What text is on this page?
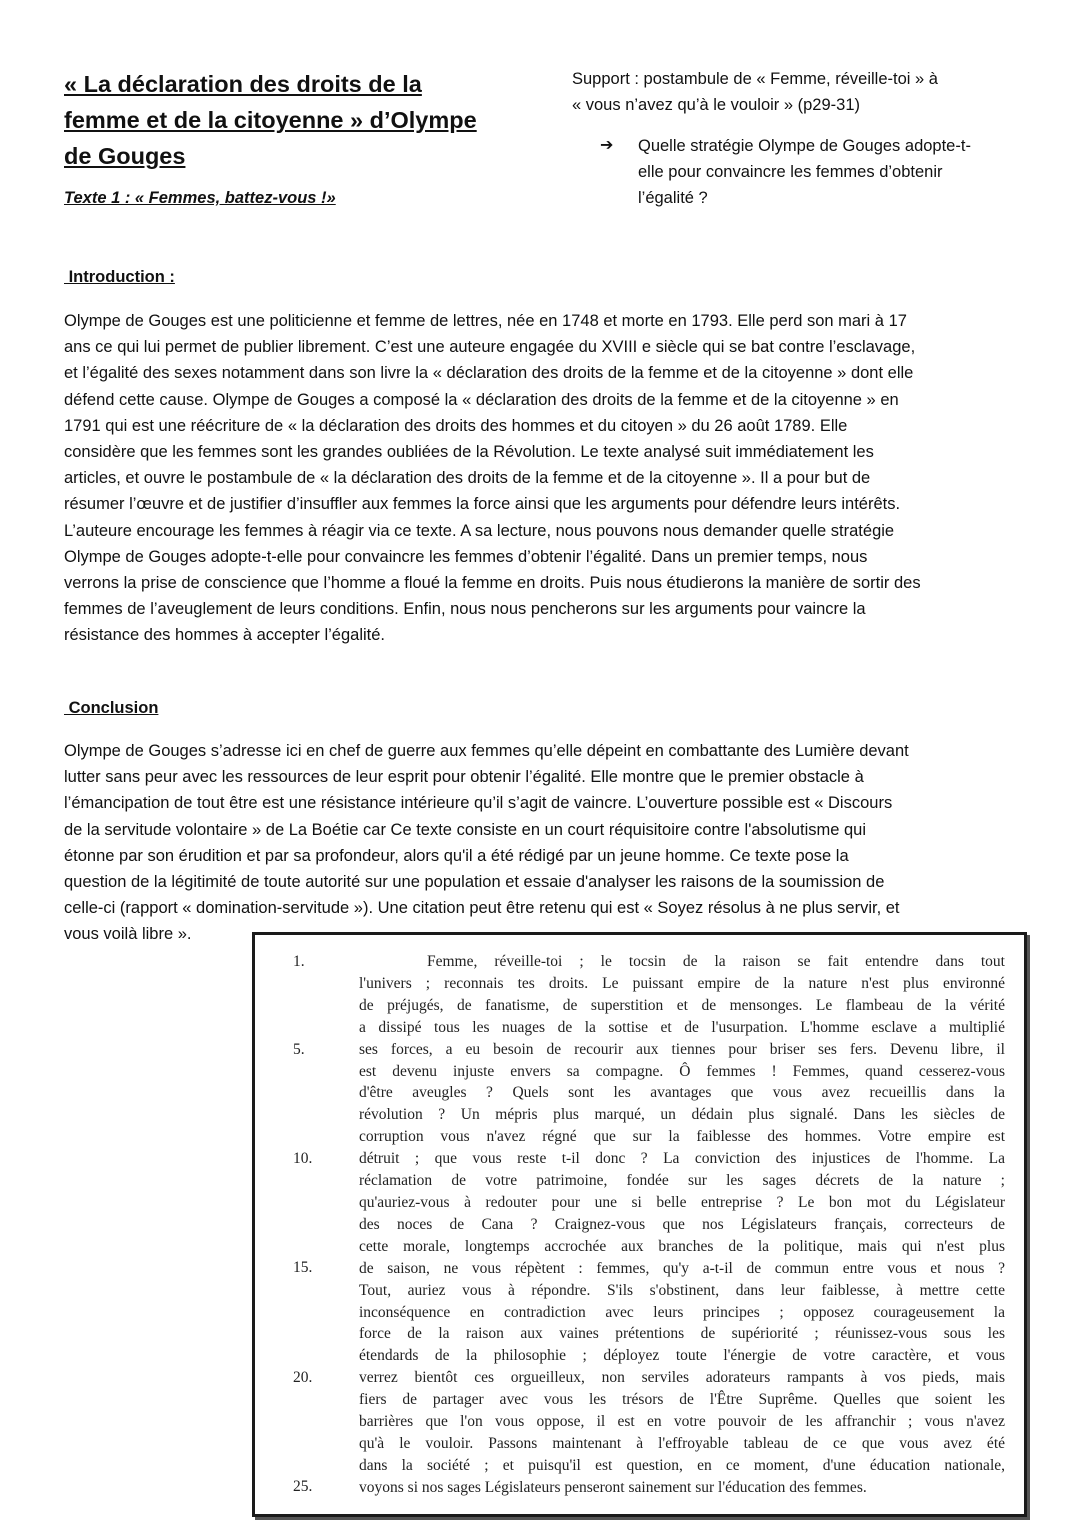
« La déclaration des droits de la
femme et de la citoyenne » d’Olympe
de Gouges
Texte 1 : « Femmes, battez-vous !»
Support : postambule de « Femme, réveille-toi » à
« vous n’avez qu’à le vouloir » (p29-31)
➔ Quelle stratégie Olympe de Gouges adopte-t-
elle pour convaincre les femmes d’obtenir
l’égalité ?
Introduction :
Olympe de Gouges est une politicienne et femme de lettres, née en 1748 et morte en 1793. Elle perd son mari à 17
ans ce qui lui permet de publier librement. C’est une auteure engagée du XVIII e siècle qui se bat contre l’esclavage,
et l’égalité des sexes notamment dans son livre la « déclaration des droits de la femme et de la citoyenne » dont elle
défend cette cause. Olympe de Gouges a composé la « déclaration des droits de la femme et de la citoyenne » en
1791 qui est une réécriture de « la déclaration des droits des hommes et du citoyen » du 26 août 1789. Elle
considère que les femmes sont les grandes oubliées de la Révolution. Le texte analysé suit immédiatement les
articles, et ouvre le postambule de « la déclaration des droits de la femme et de la citoyenne ». Il a pour but de
résumer l’œuvre et de justifier d’insuffler aux femmes la force ainsi que les arguments pour défendre leurs intérêts.
L’auteure encourage les femmes à réagir via ce texte. A sa lecture, nous pouvons nous demander quelle stratégie
Olympe de Gouges adopte-t-elle pour convaincre les femmes d’obtenir l’égalité. Dans un premier temps, nous
verrons la prise de conscience que l’homme a floué la femme en droits. Puis nous étudierons la manière de sortir des
femmes de l’aveuglement de leurs conditions. Enfin, nous nous pencherons sur les arguments pour vaincre la
résistance des hommes à accepter l’égalité.
Conclusion
Olympe de Gouges s’adresse ici en chef de guerre aux femmes qu’elle dépeint en combattante des Lumière devant
lutter sans peur avec les ressources de leur esprit pour obtenir l’égalité. Elle montre que le premier obstacle à
l’émancipation de tout être est une résistance intérieure qu’il s’agit de vaincre. L’ouverture possible est « Discours
de la servitude volontaire » de La Boétie car Ce texte consiste en un court réquisitoire contre l'absolutisme qui
étonne par son érudition et par sa profondeur, alors qu'il a été rédigé par un jeune homme. Ce texte pose la
question de la légitimité de toute autorité sur une population et essaie d'analyser les raisons de la soumission de
celle-ci (rapport « domination-servitude »). Une citation peut être retenu qui est « Soyez résolus à ne plus servir, et
vous voilà libre ».
1.
5.
10.
15.
20.
25.
Femme, réveille-toi ; le tocsin de la raison se fait entendre dans tout
l'univers ; reconnais tes droits. Le puissant empire de la nature n'est plus environné
de préjugés, de fanatisme, de superstition et de mensonges. Le flambeau de la vérité
a dissipé tous les nuages de la sottise et de l'usurpation. L'homme esclave a multiplié
ses forces, a eu besoin de recourir aux tiennes pour briser ses fers. Devenu libre, il
est devenu injuste envers sa compagne. Ô femmes ! Femmes, quand cesserez-vous
d'être aveugles ? Quels sont les avantages que vous avez recueillis dans la
révolution ? Un mépris plus marqué, un dédain plus signalé. Dans les siècles de
corruption vous n'avez régné que sur la faiblesse des hommes. Votre empire est
détruit ; que vous reste t-il donc ? La conviction des injustices de l'homme. La
réclamation de votre patrimoine, fondée sur les sages décrets de la nature ;
qu'auriez-vous à redouter pour une si belle entreprise ? Le bon mot du Législateur
des noces de Cana ? Craignez-vous que nos Législateurs français, correcteurs de
cette morale, longtemps accrochée aux branches de la politique, mais qui n'est plus
de saison, ne vous répètent : femmes, qu'y a-t-il de commun entre vous et nous ?
Tout, auriez vous à répondre. S'ils s'obstinent, dans leur faiblesse, à mettre cette
inconséquence en contradiction avec leurs principes ; opposez courageusement la
force de la raison aux vaines prétentions de supériorité ; réunissez-vous sous les
étendards de la philosophie ; déployez toute l'énergie de votre caractère, et vous
verrez bientôt ces orgueilleux, non serviles adorateurs rampants à vos pieds, mais
fiers de partager avec vous les trésors de l'Être Suprême. Quelles que soient les
barrières que l'on vous oppose, il est en votre pouvoir de les affranchir ; vous n'avez
qu'à le vouloir. Passons maintenant à l'effroyable tableau de ce que vous avez été
dans la société ; et puisqu'il est question, en ce moment, d'une éducation nationale,
voyons si nos sages Législateurs penseront sainement sur l'éducation des femmes.
